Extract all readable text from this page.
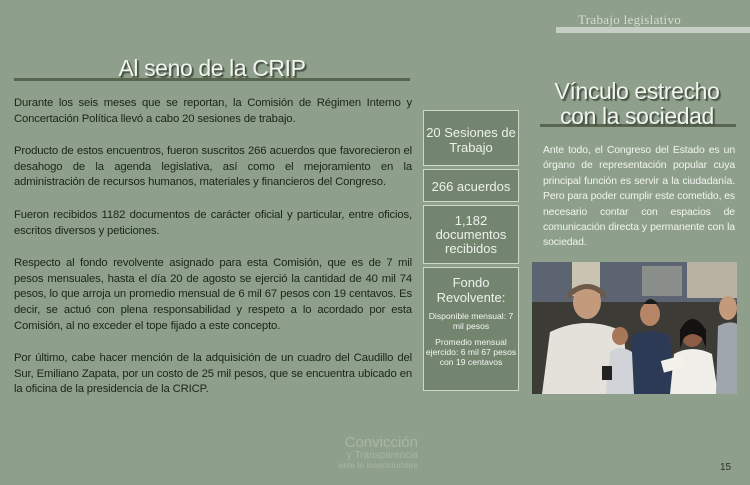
Trabajo legislativo
Al seno de la CRIP

Durante los seis meses que se reportan, la Comisión de Régimen Interno y Concertación Política llevó a cabo 20 sesiones de trabajo.

Producto de estos encuentros, fueron suscritos 266 acuerdos que favorecieron el desahogo de la agenda legislativa, así como el mejoramiento en la administración de recursos humanos, materiales y financieros del Congreso.

Fueron recibidos 1182 documentos de carácter oficial y particular, entre oficios, escritos diversos y peticiones.

Respecto al fondo revolvente asignado para esta Comisión, que es de 7 mil pesos mensuales, hasta el día 20 de agosto se ejerció la cantidad de 40 mil 74 pesos, lo que arroja un promedio mensual de 6 mil 67 pesos con 19 centavos. Es decir, se actuó con plena responsabilidad y respeto a lo acordado por esta Comisión, al no exceder el tope fijado a este concepto.

Por último, cabe hacer mención de la adquisición de un cuadro del Caudillo del Sur, Emiliano Zapata, por un costo de 25 mil pesos, que se encuentra ubicado en la oficina de la presidencia de la CRICP.

20 Sesiones de Trabajo
266 acuerdos
1,182 documentos recibidos
Fondo Revolvente:
Disponible mensual: 7 mil pesos
Promedio mensual ejercido: 6 mil 67 pesos con 19 centavos
Vínculo estrecho con la sociedad

Ante todo, el Congreso del Estado es un órgano de representación popular cuya principal función es servir a la ciudadanía. Pero para poder cumplir este cometido, es necesario contar con espacios de comunicación directa y permanente con la sociedad.

Convicción
y Transparencia
ante la incertidumbre	15
